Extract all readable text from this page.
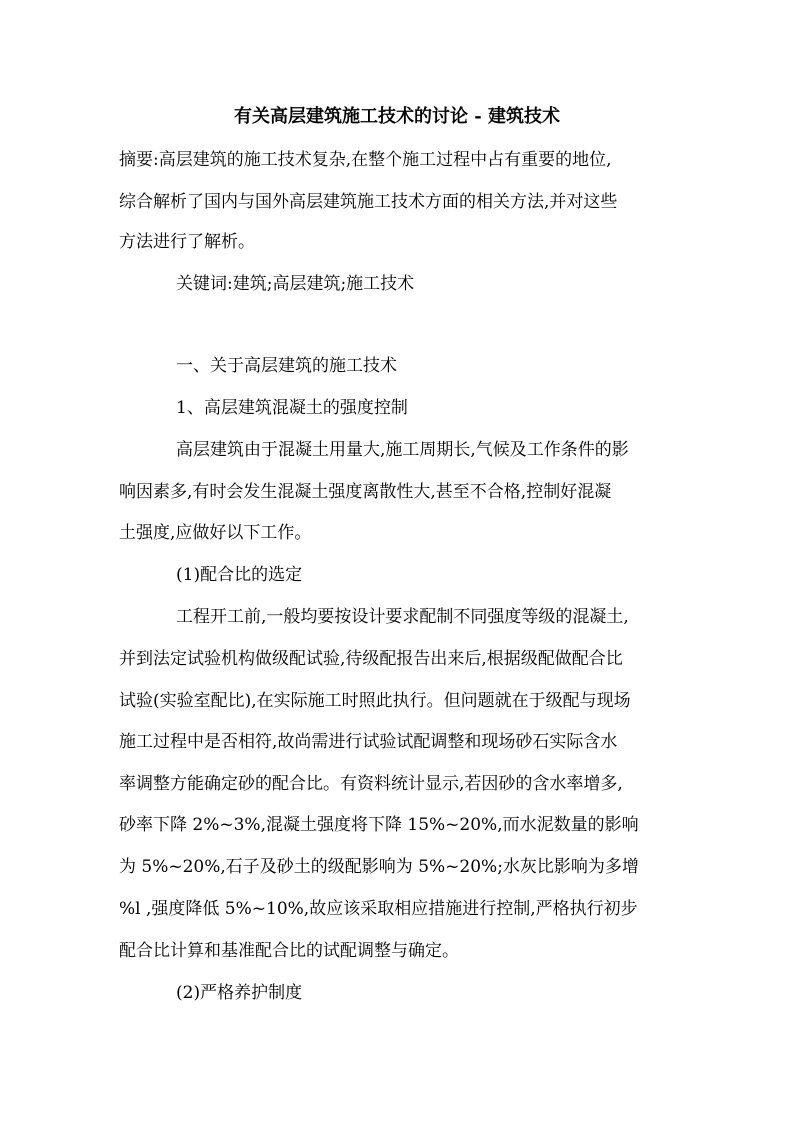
有关高层建筑施工技术的讨论 - 建筑技术
摘要:高层建筑的施工技术复杂,在整个施工过程中占有重要的地位,
综合解析了国内与国外高层建筑施工技术方面的相关方法,并对这些
方法进行了解析。
关键词:建筑;高层建筑;施工技术
一、关于高层建筑的施工技术
1、高层建筑混凝土的强度控制
高层建筑由于混凝土用量大,施工周期长,气候及工作条件的影
响因素多,有时会发生混凝土强度离散性大,甚至不合格,控制好混凝
土强度,应做好以下工作。
(1)配合比的选定
工程开工前,一般均要按设计要求配制不同强度等级的混凝土,
并到法定试验机构做级配试验,待级配报告出来后,根据级配做配合比
试验(实验室配比),在实际施工时照此执行。但问题就在于级配与现场
施工过程中是否相符,故尚需进行试验试配调整和现场砂石实际含水
率调整方能确定砂的配合比。有资料统计显示,若因砂的含水率增多,
砂率下降 2%~3%,混凝土强度将下降 15%~20%,而水泥数量的影响
为 5%~20%,石子及砂土的级配影响为 5%~20%;水灰比影响为多增
%l ,强度降低 5%~10%,故应该采取相应措施进行控制,严格执行初步
配合比计算和基准配合比的试配调整与确定。
(2)严格养护制度
